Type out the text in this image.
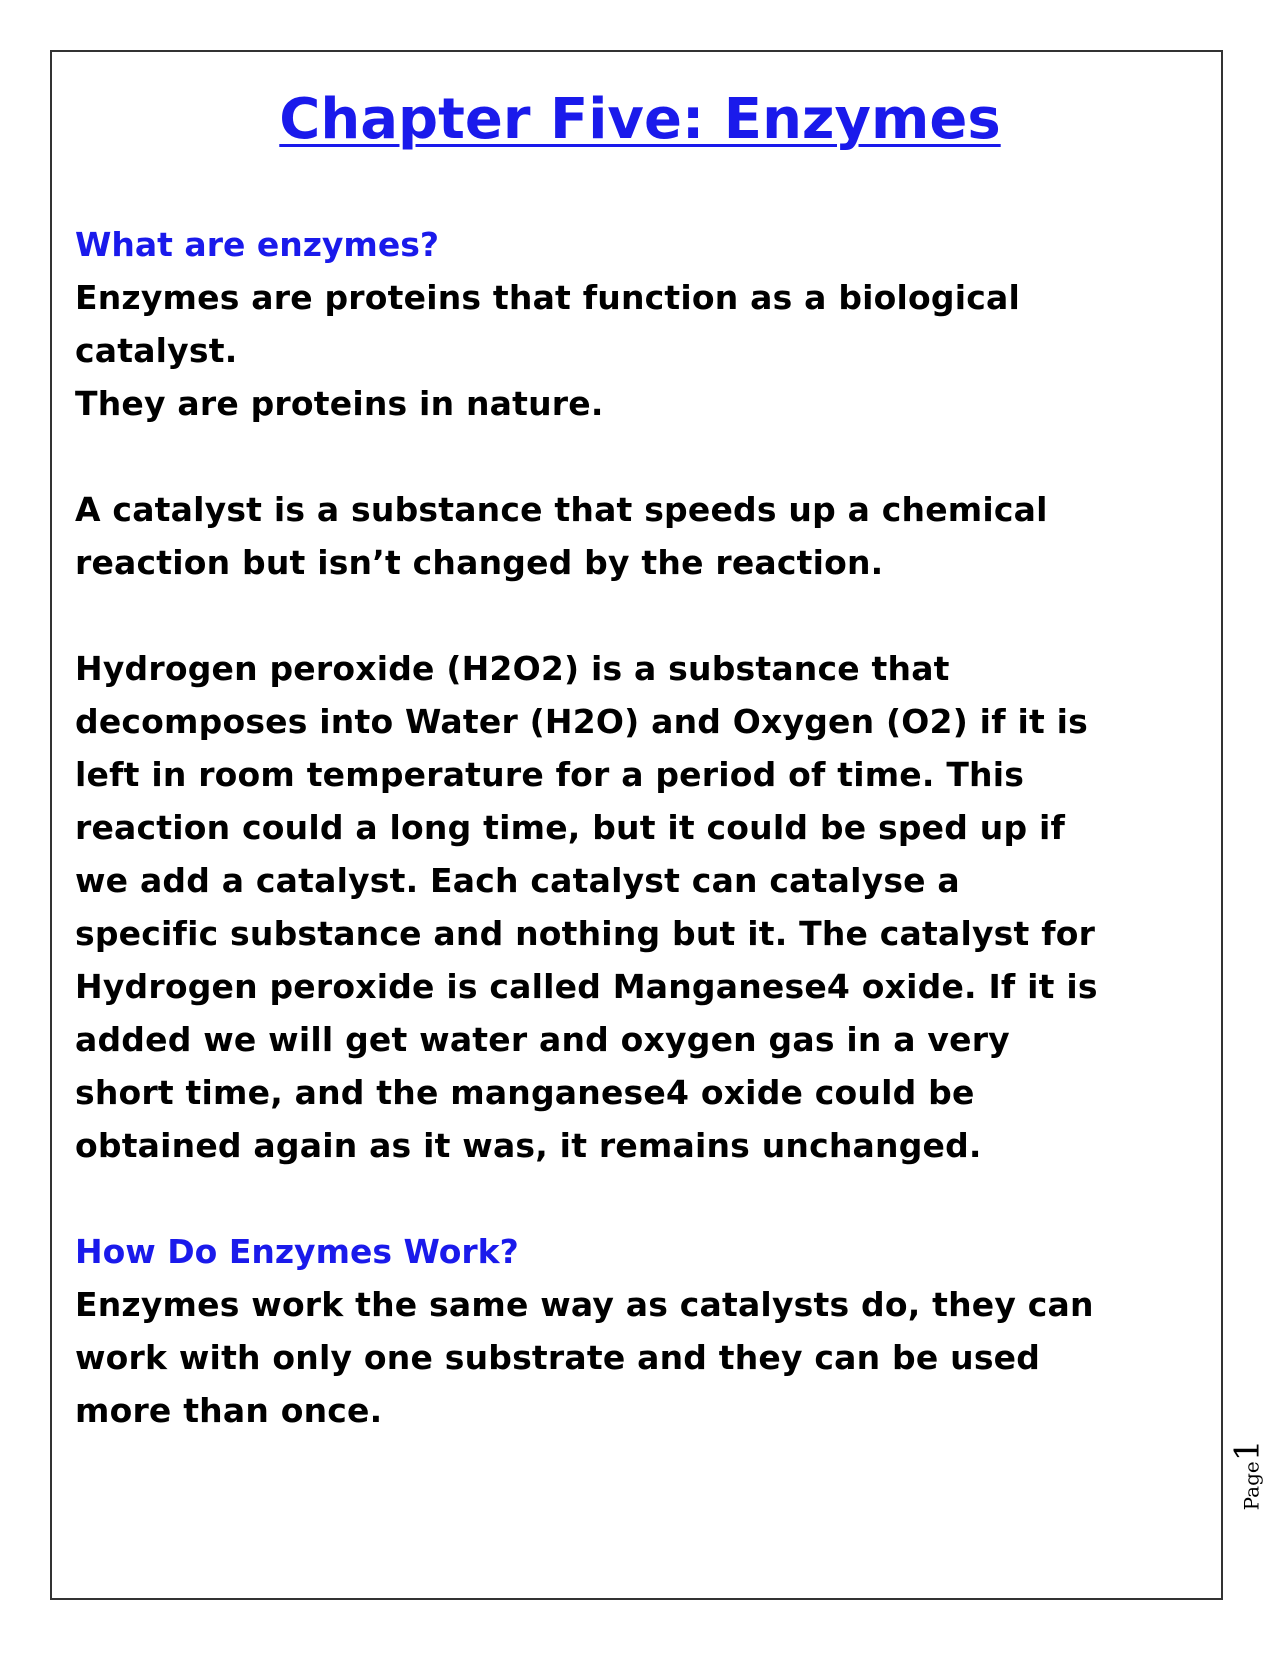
Chapter Five: Enzymes

What are enzymes?

Enzymes are proteins that function as a biological

catalyst.

They are proteins in nature.

A catalyst is a substance that speeds up a chemical

reaction but isn’t changed by the reaction.

Hydrogen peroxide (H2O2) is a substance that

decomposes into Water (H2O) and Oxygen (O2) if it is

left in room temperature for a period of time. This

reaction could a long time, but it could be sped up if

we add a catalyst. Each catalyst can catalyse a

specific substance and nothing but it. The catalyst for

Hydrogen peroxide is called Manganese4 oxide. If it is

added we will get water and oxygen gas in a very

short time, and the manganese4 oxide could be

obtained again as it was, it remains unchanged.

How Do Enzymes Work?

Enzymes work the same way as catalysts do, they can

work with only one substrate and they can be used

more than once.

Page1
